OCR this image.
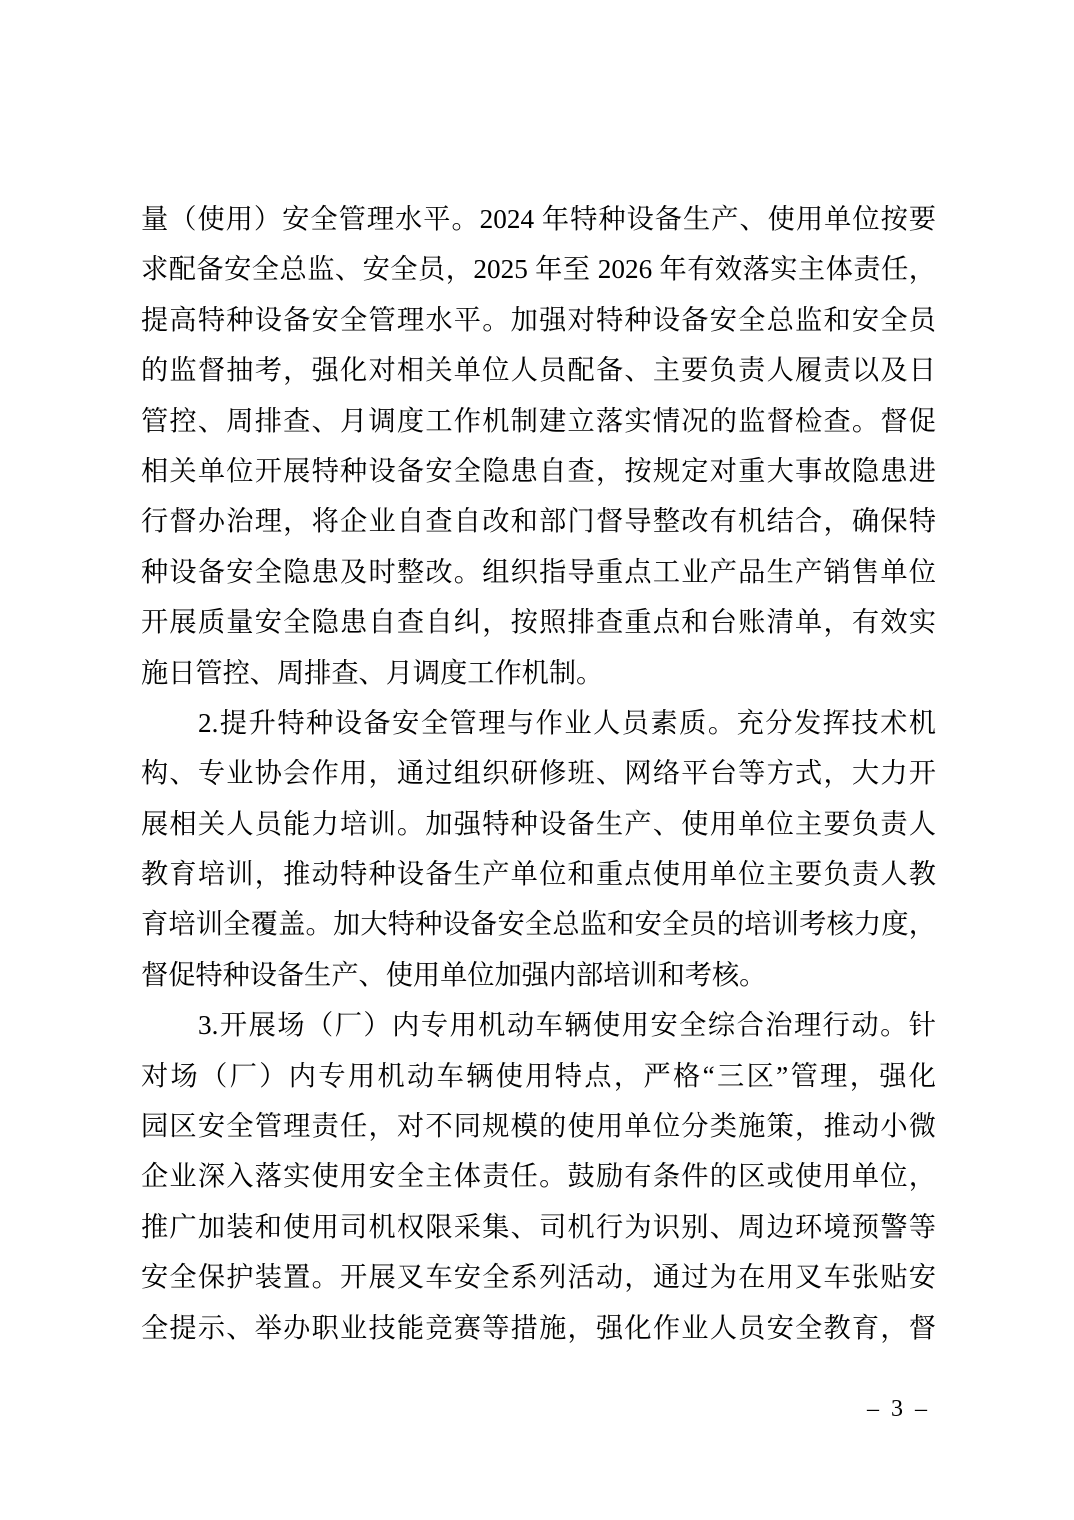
量（使用）安全管理水平。2024 年特种设备生产、使用单位按要
求配备安全总监、安全员，2025 年至 2026 年有效落实主体责任，
提高特种设备安全管理水平。加强对特种设备安全总监和安全员
的监督抽考，强化对相关单位人员配备、主要负责人履责以及日
管控、周排查、月调度工作机制建立落实情况的监督检查。督促
相关单位开展特种设备安全隐患自查，按规定对重大事故隐患进
行督办治理，将企业自查自改和部门督导整改有机结合，确保特
种设备安全隐患及时整改。组织指导重点工业产品生产销售单位
开展质量安全隐患自查自纠，按照排查重点和台账清单，有效实
施日管控、周排查、月调度工作机制。
2.提升特种设备安全管理与作业人员素质。充分发挥技术机
构、专业协会作用，通过组织研修班、网络平台等方式，大力开
展相关人员能力培训。加强特种设备生产、使用单位主要负责人
教育培训，推动特种设备生产单位和重点使用单位主要负责人教
育培训全覆盖。加大特种设备安全总监和安全员的培训考核力度，
督促特种设备生产、使用单位加强内部培训和考核。
3.开展场（厂）内专用机动车辆使用安全综合治理行动。针
对场（厂）内专用机动车辆使用特点，严格“三区”管理，强化
园区安全管理责任，对不同规模的使用单位分类施策，推动小微
企业深入落实使用安全主体责任。鼓励有条件的区或使用单位，
推广加装和使用司机权限采集、司机行为识别、周边环境预警等
安全保护装置。开展叉车安全系列活动，通过为在用叉车张贴安
全提示、举办职业技能竞赛等措施，强化作业人员安全教育，督
– 3 –
